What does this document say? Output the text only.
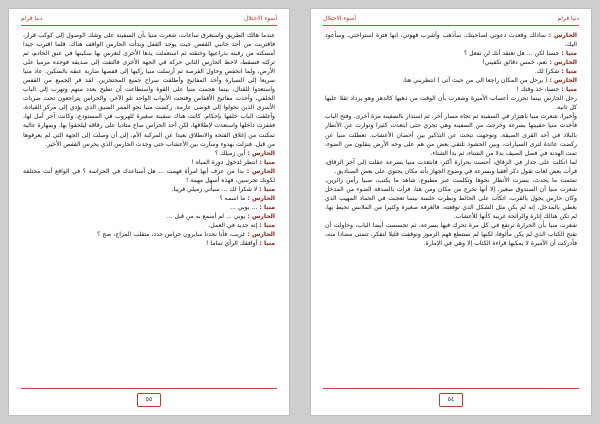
أسوء الاحتلال
دنيا قرام

عندما هالك الطريق واستغرق ساعات، شعرت منيا بأن السفينة على وشك الوصول إلى كوكب قرار، فاقتربت من أحد جانبي القفص حيث يوجد القفل وبدأت الحارس الواقف هناك. قلما اقترب جيدا أمسكته من رقبته بذراعيها وخنقته ثم استعملت يدها الأخرى لتغرس بها سكينها في عنق الخادم، ثم تركته فسقط، لاحظ الحارس الثاني حركة في الجهة الأخرى فالتفت إلى صديقه فوجده مرميا على الأرض، ولما انخفض وحاول الفرصة ثم أرسلت منيا ركبها إلى قفصها ضاربة عنقه بالسكين. عاد منيا سريعا إلى السيارة وأخذ المفاتيح وأطلقت سراح جميع المحتجزين. لقد فر الجميع من القفص واستعدوا للقتال، بينما هجمت منيا على القوة واستطاعت أن تطيح بعدد منهم وتهرب إلى الباب الخلفي، وأخذت مفاتيح الأقفاص وفتحت الأبواب الواحد تلو الآخر، والحراس يتراجعون تحت ضربات الأسرى الذين تحولوا إلى فوضى عارمة. ركضت منيا نحو الممر الضيق الذي يؤدي إلى مركز القيادة، وأغلقت الباب خلفها بإحكام. كانت هناك سفينة صغيرة للهروب في المستودع، وكانت آخر أمل لها، فقفزت داخلها واستعدت لإطلاقها، لكن أحد الحراس صاح مناديا على رفاقه ليلحقوا بها. وبمهارة عالية تمكنت من إغلاق الفتحة والانطلاق بعيدا عن المركبة الأم، إلى أن وصلت إلى الجهة التي لم يعرفوها من قبل. فنزلت بهدوء وسارت بين الأعشاب حتى وجدت الحارس الذي يحرس القفص الأخير.

الحارس : أين زميلك ؟
منيا : انتظر لدخول دورة المياه !
الحارس : بدا من عرف أنها امرأة فهمت ... هل أستاعدك في الحراسة ؟ في الواقع أنت مختلفة لكونك تحرسين، فهذه أسهل مهمة !
منيا : لا شكرا لك ... سيأتي زميلي قريبا.
الحارس : ما اسمه ؟
منيا : ... يوبي ...
الحارس : يوبي ... لم أسمع به من قبل ...
منيا : إنه جديد في العمل.
الحارس : غريب، فأنا نجدنا سايرون حراس جدد، متقلب المزاج، صح ؟
منيا : أوافقك الرأي تماما !
٥٥
دنيا قرام
أسوء الاحتلال
الحارس : ساذلك وقعدت دعوتي لصاحبتك، سأذهب وأشرب قهوتي، انها فترة استراحتي، وسأعود اليك.
منيا : حسنا لكن ... هل تعتقد أنك لن تفعل ؟
الحارس : نعم، خمس دقائق تكفيني!
منيا : شكرا لك.
الحارس : ( يرحل من المكان راجعا الى من حيث أتى ) انتظريني هنا.
منيا : حسنا، خذ وقتك !

رحل الحارس بينما تحررت أعصاب الأميرة وشعرت بأن الوقت من ذهبها كالدهر وهو يزداد ثقلا عليها كل ثانية.

وأخيرا، شعرت منيا باهتزاز في السفينة ثم تجاه مسار أخر، ثم استدار بالسفينة مرة أخرى. وفتح الباب فأخذت منيا حقيبتها بسرعة وخرجت من السفينة وهي تجري حتى ابتعدت كثيرا وتوارت عن الأنظار بالبلاد في أحد القرى الضيقة. وتوجهت تبحث عن التذكير بين أحضان الأعشاب. تعطلت منيا عن ركضت عائدة لترى السيارات، وبين الحشود تلتقي بعض من هم على وجه الأرض ينقلون من الضوء، تمت الهدنة في فصل الصيف بدلا من الشتاء، ثم بدأ الشتاء.

لما اتكلت على جدار في الزقاق، أحست بحرارة أكثر، فابتعدت منيا بسرعة عقلت إلى آخر الزقاق، قرأت بعض لغات تقول ذكر أفقيا وبسرعة في وضوح الجهاز بأنه مكان يحتوي على بعض الصناديق.

تمتمت ما يحدث، يسرت الأنظار نحوها وتكلمت عبر مطبوع، شاهد ما يكتب، صبيا رأس زائرين، شعرت منيا أن الصندوق صغير، إلا أنها تخرج من مكان ومن هنا، فرأت بالصدفة الضوء من المدخل وكان حارس يجول بالقرب. اتكأت على الحائط ونظرت خلسة بينما تعجبت في الجماد المهيب الذي يغطي بالمدخل. إنه لم يكن مثل الشكل الذي توقعته، فالغرفة صغيرة وكثيرا من الملابس تحيط بها، لم تكن هنالك إنارة والرائحة غريبة كأنها للأعشاب.

شعرت منيا بأن الحرارة ترتفع في كل مرة تحرك فيها بسرعة، ثم تحسست أيضا الباب، وحاولت أن تفتح الكتاب الذي لم يكن مألوفا، لكنها لم تستطع فهم الرموز وتوقفت قليلا لتفكر، تتمنى مضادا منه، فأدركت أن الأميرة لا يمكنها قراءة الكتاب إلا وهي في الإمارة.

٥٤
